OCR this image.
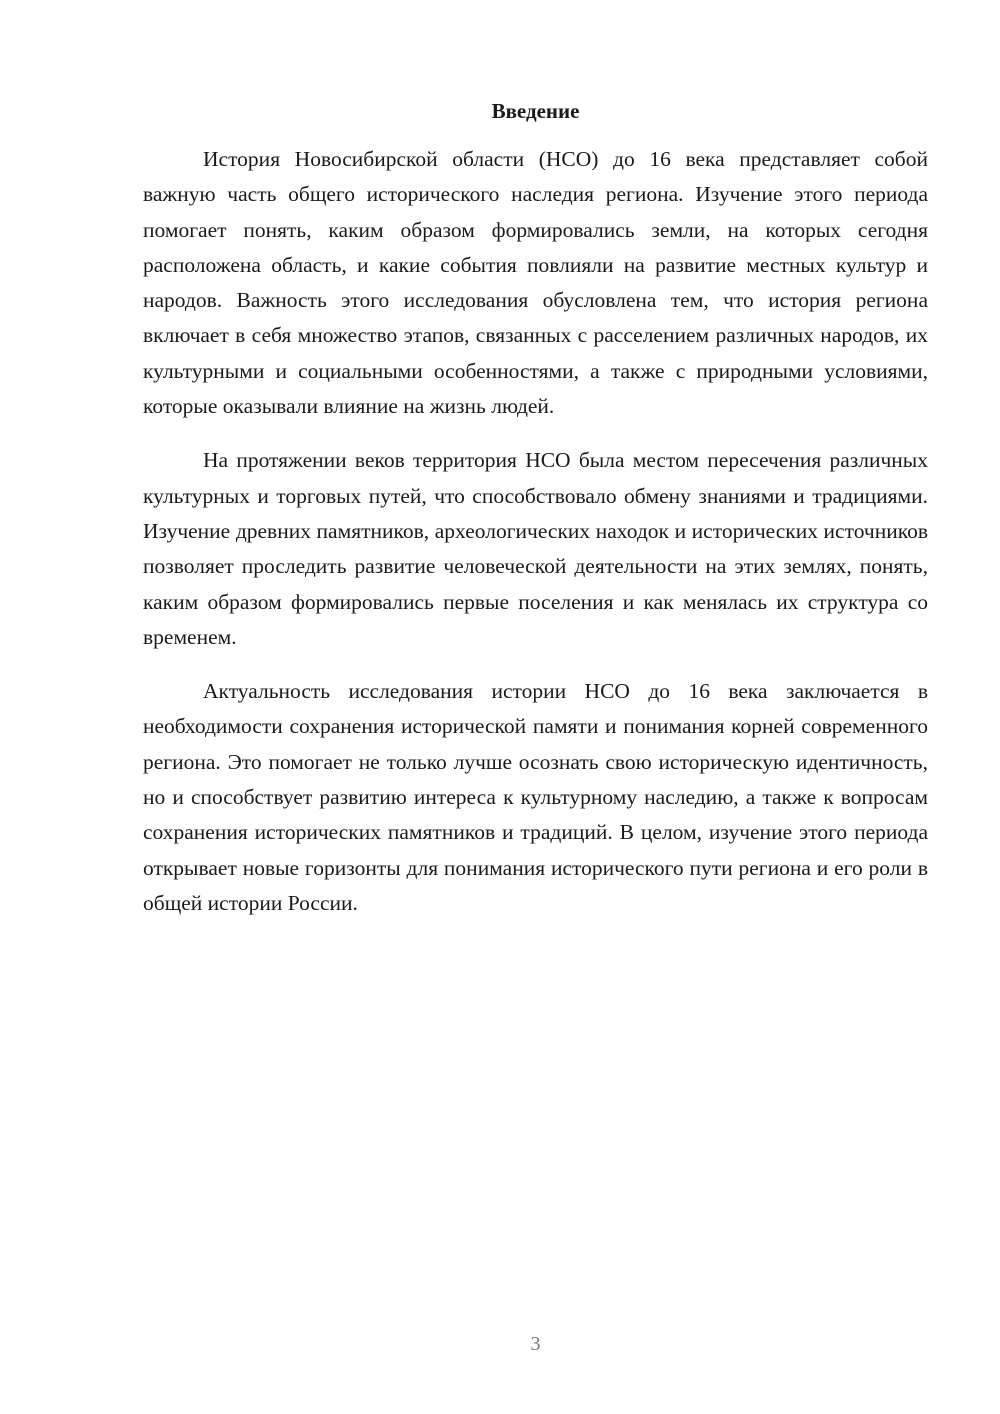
Введение

История Новосибирской области (НСО) до 16 века представляет собой важную часть общего исторического наследия региона. Изучение этого периода помогает понять, каким образом формировались земли, на которых сегодня расположена область, и какие события повлияли на развитие местных культур и народов. Важность этого исследования обусловлена тем, что история региона включает в себя множество этапов, связанных с расселением различных народов, их культурными и социальными особенностями, а также с природными условиями, которые оказывали влияние на жизнь людей.

На протяжении веков территория НСО была местом пересечения различных культурных и торговых путей, что способствовало обмену знаниями и традициями. Изучение древних памятников, археологических находок и исторических источников позволяет проследить развитие человеческой деятельности на этих землях, понять, каким образом формировались первые поселения и как менялась их структура со временем.

Актуальность исследования истории НСО до 16 века заключается в необходимости сохранения исторической памяти и понимания корней современного региона. Это помогает не только лучше осознать свою историческую идентичность, но и способствует развитию интереса к культурному наследию, а также к вопросам сохранения исторических памятников и традиций. В целом, изучение этого периода открывает новые горизонты для понимания исторического пути региона и его роли в общей истории России.

3
